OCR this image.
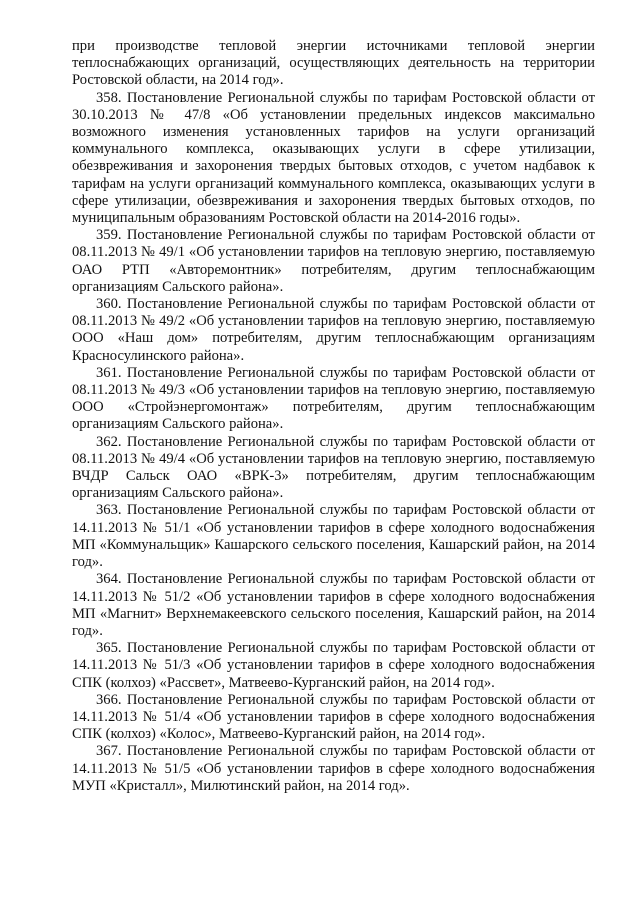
при производстве тепловой энергии источниками тепловой энергии теплоснабжающих организаций, осуществляющих деятельность на территории Ростовской области, на 2014 год».

358. Постановление Региональной службы по тарифам Ростовской области от 30.10.2013 № 47/8 «Об установлении предельных индексов максимально возможного изменения установленных тарифов на услуги организаций коммунального комплекса, оказывающих услуги в сфере утилизации, обезвреживания и захоронения твердых бытовых отходов, с учетом надбавок к тарифам на услуги организаций коммунального комплекса, оказывающих услуги в сфере утилизации, обезвреживания и захоронения твердых бытовых отходов, по муниципальным образованиям Ростовской области на 2014-2016 годы».

359. Постановление Региональной службы по тарифам Ростовской области от 08.11.2013 № 49/1 «Об установлении тарифов на тепловую энергию, поставляемую ОАО РТП «Авторемонтник» потребителям, другим теплоснабжающим организациям Сальского района».

360. Постановление Региональной службы по тарифам Ростовской области от 08.11.2013 № 49/2 «Об установлении тарифов на тепловую энергию, поставляемую ООО «Наш дом» потребителям, другим теплоснабжающим организациям Красносулинского района».

361. Постановление Региональной службы по тарифам Ростовской области от 08.11.2013 № 49/3 «Об установлении тарифов на тепловую энергию, поставляемую ООО «Стройэнергомонтаж» потребителям, другим теплоснабжающим организациям Сальского района».

362. Постановление Региональной службы по тарифам Ростовской области от 08.11.2013 № 49/4 «Об установлении тарифов на тепловую энергию, поставляемую ВЧДР Сальск ОАО «ВРК-3» потребителям, другим теплоснабжающим организациям Сальского района».

363. Постановление Региональной службы по тарифам Ростовской области от 14.11.2013 № 51/1 «Об установлении тарифов в сфере холодного водоснабжения МП «Коммунальщик» Кашарского сельского поселения, Кашарский район, на 2014 год».

364. Постановление Региональной службы по тарифам Ростовской области от 14.11.2013 № 51/2 «Об установлении тарифов в сфере холодного водоснабжения МП «Магнит» Верхнемакеевского сельского поселения, Кашарский район, на 2014 год».

365. Постановление Региональной службы по тарифам Ростовской области от 14.11.2013 № 51/3 «Об установлении тарифов в сфере холодного водоснабжения СПК (колхоз) «Рассвет», Матвеево-Курганский район, на 2014 год».

366. Постановление Региональной службы по тарифам Ростовской области от 14.11.2013 № 51/4 «Об установлении тарифов в сфере холодного водоснабжения СПК (колхоз) «Колос», Матвеево-Курганский район, на 2014 год».

367. Постановление Региональной службы по тарифам Ростовской области от 14.11.2013 № 51/5 «Об установлении тарифов в сфере холодного водоснабжения МУП «Кристалл», Милютинский район, на 2014 год».
